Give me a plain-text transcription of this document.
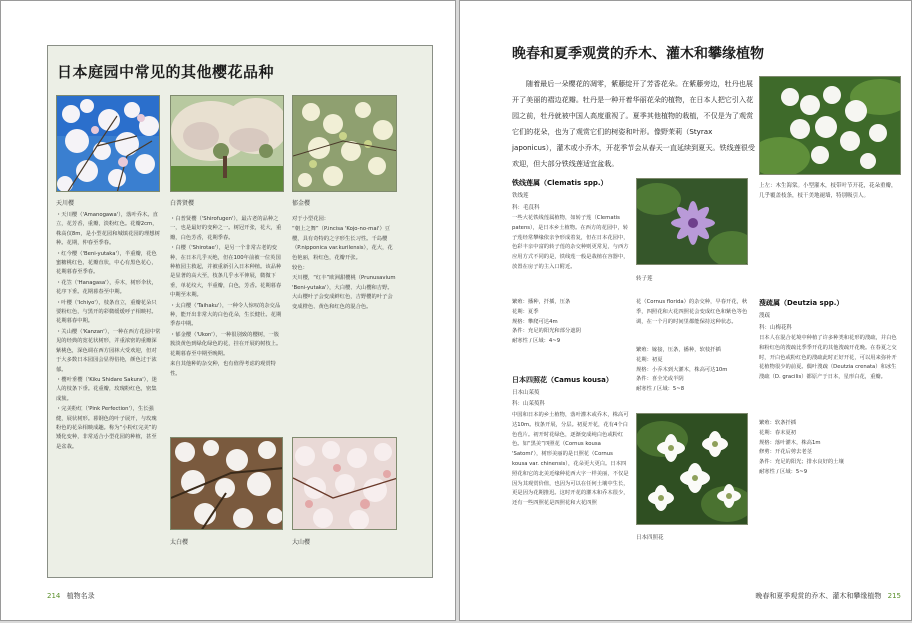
日本庭园中常见的其他樱花品种
天川樱	白普贤樱	郁金樱

・天川樱（'Amanogawa'），落叶乔木。直立，花芳香，重瓣，淡粉红色。花瓣2cm，株高仅8m，是小型花园和城镇花园的理想树种。花期，仲春至季春。

・红今樱（'Beni-yutaka'），半重瓣，花色蜜糖桃红色，花瓣直状，中心有黑色花心，花期暮春至季春。

・花笠（'Hanagasa'），乔木，树形伞状，花序下垂。花期暮春至中期。

・叶樱（'Ichiyo'），枝条直立，重瓣花朵只要粉红色，与黑开的彩微缓缓呼子相映衬。花期暮春中期。

・关山樱（'Kanzan'），一种在西方花园中常见的经典的宽花状树形，并重浓密的重瓣深紫桃色，深色调在西方园林大受欢迎，但对于大多数日本园园会显得俗艳，颜色过于浓郁。

・樱叶垂樱（'Kiku Shidare Sakura'），迷人的枝条下垂。花重瓣，玫瑰粉红色，密集成簇。

・完美粉红（'Pink Perfection'），生长强健，展状树形。暮钢色的叶子展开，与玫瑰粉色的花朵相映成趣。称为“小粉红完美”的矮化变种，非常适合小型花园的种植，甚至是盆栽。

・白普贤樱（'Shirofugen'），最古老的品种之一，也是最好的变种之一。树冠开张，花大，重瓣，白色芳香，花期季春。

・白樱（'Shirotae'），是另一个非常古老的变种，在日本几乎灭绝，但在100年前被一位英国种植园主救起，并被重新引入日本种植。该品种是显著的高大至，枝条几乎水平伸展，微微下垂，单花纹大，半重瓣，白色，芳香。花期暮春中期至末期。

・太白樱（'Taihaku'），一种令人惊叹的杂交品种，能开出非常大的白色花朵，生长健壮。花期季春中期。

・郁金樱（'Ukon'），一种很别致的樱树，一簇簇淡黄色到绿化绿色的花，挂在开展的树枝上。花期暮春至中期至晚期。

来自其他种的杂交种，也有值得考虑的观赏特性。

对于小型花园：

“朝上之舞”（P.incisa 'Kojo-no-mai'）豆樱，具有奇特的之字形生长习性。千岛樱（P.nipponica var.kurilensis），花大，花色艳丽，粉红色，花瓣开张。

较色：

天川樱，“红丰”欧洲甜樱桃（Prunusavium 'Beni-yutaka'），大白樱、大山樱和吉野。大山樱叶子会变成鲜红色，吉野樱的叶子会变成橙色、黄色和红色的混合色。

太白樱	大山樱
214 植物名录
晚春和夏季观赏的乔木、灌木和攀缘植物
随着最后一朵樱花的凋零，紫藤绽开了芳香花朵。在紫藤旁边，牡丹也展开了美丽的褶边花瓣。牡丹是一种开着华丽花朵的植物，在日本人把它引入花园之前，牡丹就被中国人高度重视了。夏季其他植物的栽植，不仅是为了观赏它们的花朵，也为了观赏它们的树姿和叶形。像野茉莉（Styrax japonicus），灌木或小乔木，开花季节会从春天一直延续到夏天。铁线莲很受欢迎，但大部分铁线莲适宜盆栽。
上左：木生海棠。小型灌木，枝带叶节开花，花朵重瓣，几乎覆盖枝条，枝干美地褪墙，特别吸引人。
铁线莲属（Clematis spp.）
铁线莲
科：毛茛科

一些大花铁线莲属植物，如转子莲（Clematis patens），是日本乡土植物。在西方的花园中，转子莲经常攀缘依亲争形成着复，但在日本花园中，色彩丰亲中富的转子莲的杂交种则更常见，与西方应用方式不同的是，铁线莲一般是栽植在容器中，放置在房子的主入口附近。

繁殖：播种，扦插，压条
花期：夏季
规格：攀爬可达4m
条件：充足的阳光和部分遮阴
耐寒性 / 区域：4~9
转子莲

花（Cornus florida）的杂交种，早春开花，秋季，四照花和大花四照花会变成红色和紫色等色调，在一个月的时间里都能保持这种状态。

繁殖：嫁接，压条，播种，软枝扦插
花期：初夏
规格：小乔木到大灌木，株高可达10m
条件：喜全光或半阴
耐寒性 / 区域：5~8
日本四照花（Camus kousa）
日本山茱萸
科：山茱萸科

中国和日本的乡土植物，落叶灌木或乔木，株高可达10m。枝条开展，分层。初夏开花，花有4个白色苞片。初开时花绿色，逐渐变成纯白色或粉红色。如“黑美”四照花（Cornus kousa 'Satomi'），树形美丽的是日照花（Cornus kousa var. chinensis），花朵更大更白。日本四照花和它的北美近缘种花西大字一样美丽，不仅是因为其观赏价值，也因为可以在任何土壤中生长，更是因为花期推迟。这时开花的灌木和乔木很少，还有一些四照花是四照花和大花四照

日本四照花
溲疏属（Deutzia spp.）
溲疏
科：山梅花科

日本人在混合花境中种植了许多种类和花形的溲疏，并白色和粉红色的溲疏比季季开花的其他溲疏开花晚。在春夏之交时，开白色或粉红色的溲疏此时正好开花，可以用来弥补开花植物很少的前夏。偶叶溲疏（Deutzia crenata）和冰生溲疏（D. gracilis）都原产于日本，星形白花，重瓣。

繁殖：软条扦插
花期：春末夏初
规格：落叶灌木，株高1m
修剪：开花后剪去老茎
条件：充足的阳光；排水良好的土壤
耐寒性 / 区域：5~9
晚春和夏季观赏的乔木、灌木和攀缘植物 215
